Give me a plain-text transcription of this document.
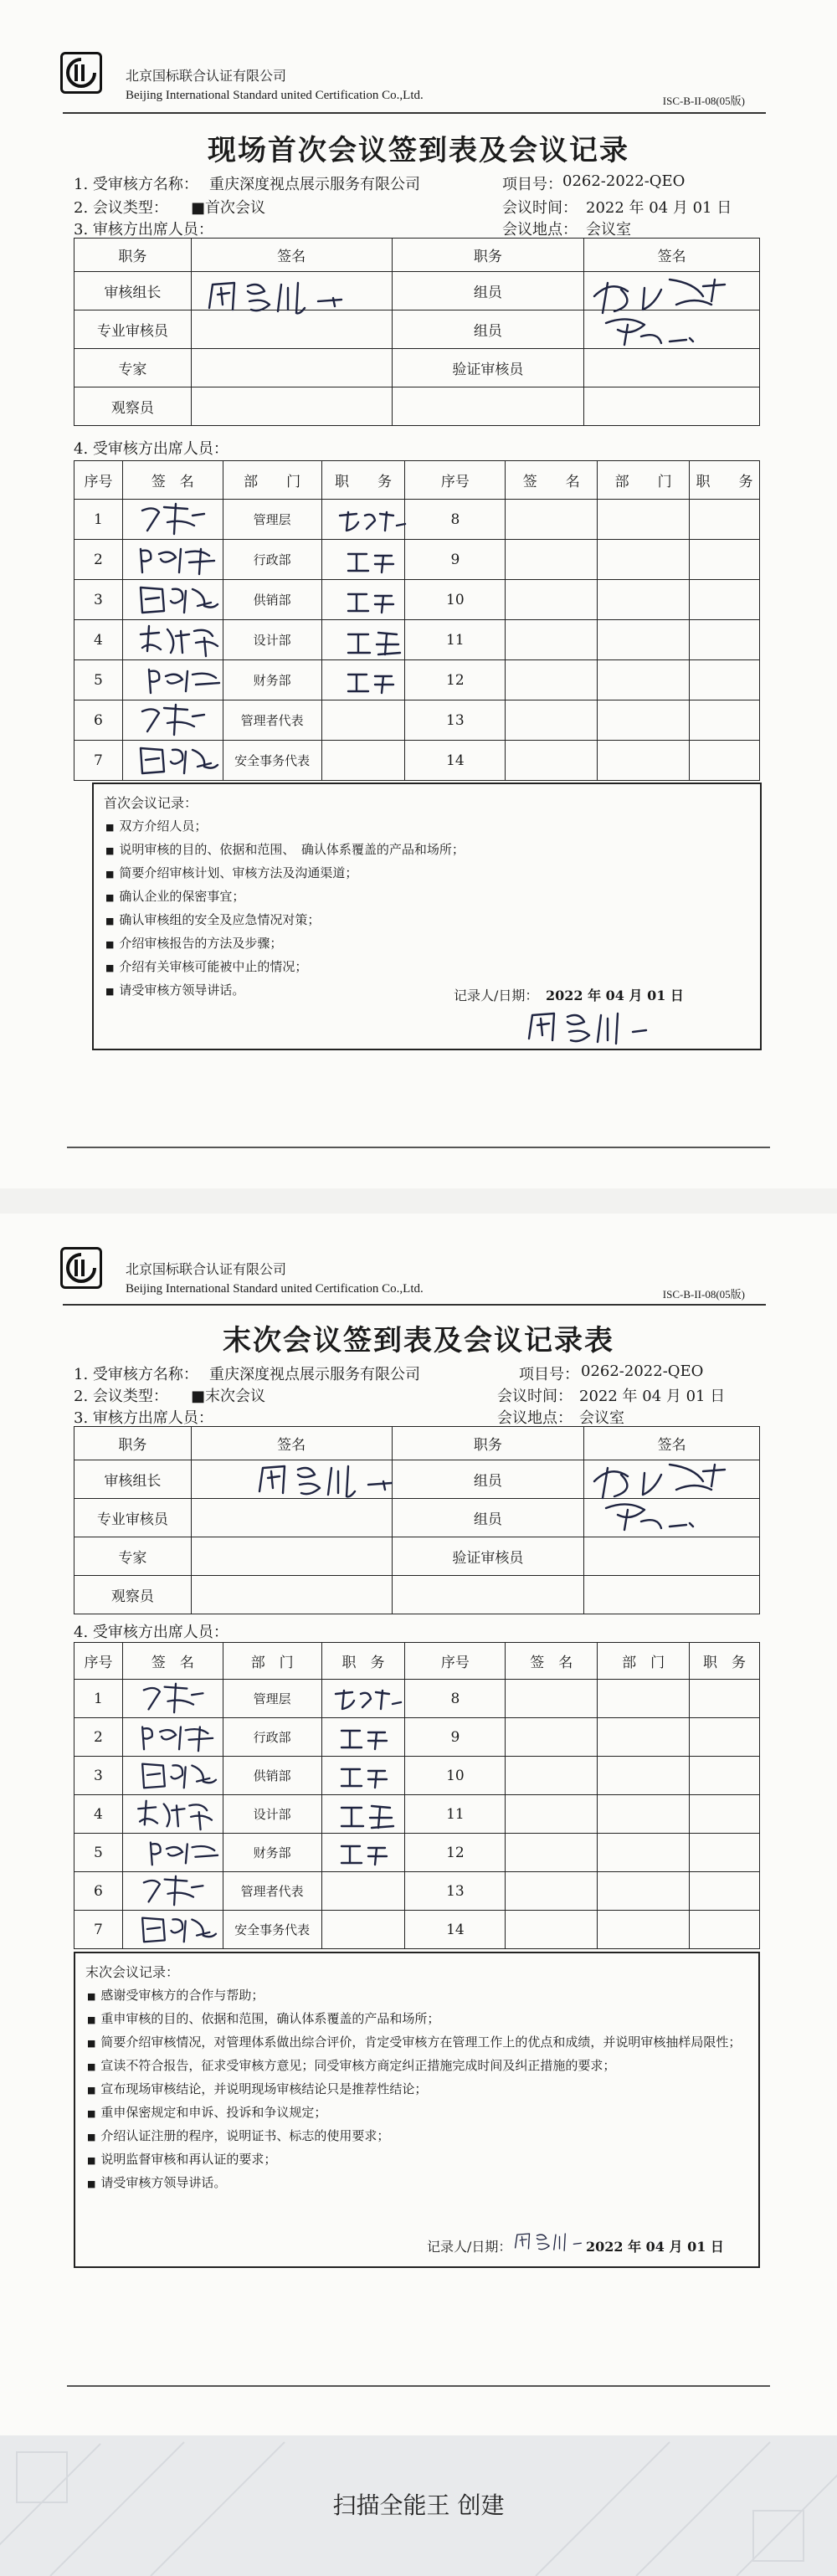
北京国标联合认证有限公司
Beijing International Standard united Certification Co.,Ltd.	ISC-B-II-08(05版)
现场首次会议签到表及会议记录
1. 受审核方名称： 重庆深度视点展示服务有限公司	项目号： 0262-2022-QEO
2. 会议类型： ■首次会议	会议时间： 2022 年 04 月 01 日
3. 审核方出席人员：	会议地点： 会议室
职务	签名	职务	签名
审核组长		组员	
专业审核员		组员	
专家		验证审核员	
观察员			
4. 受审核方出席人员：
序号	签　名	部　　门	职　　务	序号	签　　名	部　　门	职　　务
1		管理层		8			
2		行政部		9			
3		供销部		10			
4		设计部		11			
5		财务部		12			
6		管理者代表		13			
7		安全事务代表		14			
首次会议记录：
■ 双方介绍人员；
■ 说明审核的目的、依据和范围、　确认体系覆盖的产品和场所；
■ 简要介绍审核计划、审核方法及沟通渠道；
■ 确认企业的保密事宜；
■ 确认审核组的安全及应急情况对策；
■ 介绍审核报告的方法及步骤；
■ 介绍有关审核可能被中止的情况；
■ 请受审核方领导讲话。	记录人/日期： 2022 年 04 月 01 日
北京国标联合认证有限公司
Beijing International Standard united Certification Co.,Ltd.	ISC-B-II-08(05版)
末次会议签到表及会议记录表
1. 受审核方名称： 重庆深度视点展示服务有限公司	项目号： 0262-2022-QEO
2. 会议类型： ■末次会议	会议时间： 2022 年 04 月 01 日
3. 审核方出席人员：	会议地点： 会议室
职务	签名	职务	签名
审核组长		组员	
专业审核员		组员	
专家		验证审核员	
观察员			
4. 受审核方出席人员：
序号	签　名	部　门	职　务	序号	签　名	部　门	职　务
1		管理层		8			
2		行政部		9			
3		供销部		10			
4		设计部		11			
5		财务部		12			
6		管理者代表		13			
7		安全事务代表		14			
末次会议记录：
■ 感谢受审核方的合作与帮助；
■ 重申审核的目的、依据和范围，确认体系覆盖的产品和场所；
■ 简要介绍审核情况，对管理体系做出综合评价，肯定受审核方在管理工作上的优点和成绩，并说明审核抽样局限性；
■ 宣读不符合报告，征求受审核方意见；同受审核方商定纠正措施完成时间及纠正措施的要求；
■ 宣布现场审核结论，并说明现场审核结论只是推荐性结论；
■ 重申保密规定和申诉、投诉和争议规定；
■ 介绍认证注册的程序，说明证书、标志的使用要求；
■ 说明监督审核和再认证的要求；
■ 请受审核方领导讲话。
记录人/日期：	2022 年 04 月 01 日
扫描全能王 创建
